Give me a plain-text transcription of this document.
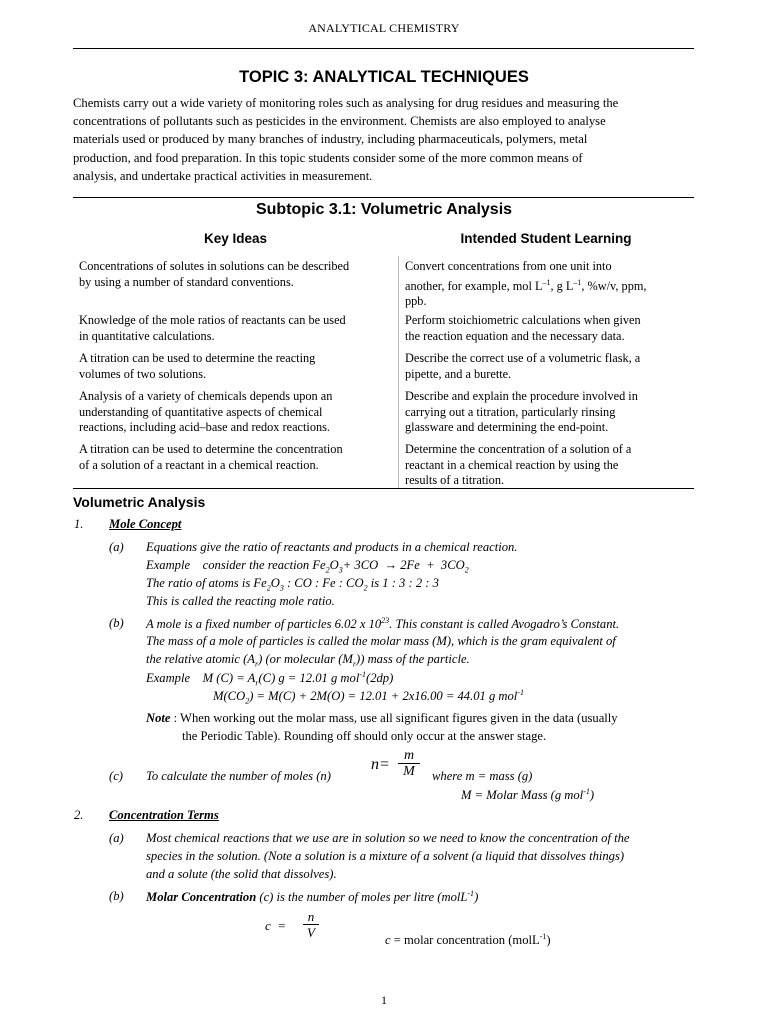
ANALYTICAL CHEMISTRY
TOPIC 3: ANALYTICAL TECHNIQUES
Chemists carry out a wide variety of monitoring roles such as analysing for drug residues and measuring the
concentrations of pollutants such as pesticides in the environment. Chemists are also employed to analyse
materials used or produced by many branches of industry, including pharmaceuticals, polymers, metal
production, and food preparation. In this topic students consider some of the more common means of
analysis, and undertake practical activities in measurement.
Subtopic 3.1: Volumetric Analysis
Key Ideas	Intended Student Learning
Concentrations of solutes in solutions can be described
by using a number of standard conventions.
Convert concentrations from one unit into
another, for example, mol $L^{-1}$, g $L^{-1}$, %w/v, ppm,
ppb.
Knowledge of the mole ratios of reactants can be used
in quantitative calculations.
Perform stoichiometric calculations when given
the reaction equation and the necessary data.
A titration can be used to determine the reacting
volumes of two solutions.
Describe the correct use of a volumetric flask, a
pipette, and a burette.
Analysis of a variety of chemicals depends upon an
understanding of quantitative aspects of chemical
reactions, including acid–base and redox reactions.
Describe and explain the procedure involved in
carrying out a titration, particularly rinsing
glassware and determining the end-point.
A titration can be used to determine the concentration
of a solution of a reactant in a chemical reaction.
Determine the concentration of a solution of a
reactant in a chemical reaction by using the
results of a titration.
Volumetric Analysis
1. Mole Concept
(a) Equations give the ratio of reactants and products in a chemical reaction.
Example consider the reaction $Fe_2O_3+ 3CO \to 2Fe + 3CO_2$
The ratio of atoms is $Fe_2O_3$ : CO : Fe : $CO_2$ is 1 : 3 : 2 : 3
This is called the reacting mole ratio.
(b) A mole is a fixed number of particles 6.02 x $10^{23}$. This constant is called Avogadro’s Constant.
The mass of a mole of particles is called the molar mass (M), which is the gram equivalent of
the relative atomic $(A_r)$ (or molecular $(M_r)$) mass of the particle.
Example M $(C) = A_r(C) g = 12.01$ g mol$^{-1}$(2dp)
$M(CO_2) = M(C) + 2M(O) = 12.01 + 2x16.00 = 44.01$ g mol$^{-1}$
Note : When working out the molar mass, use all significant figures given in the data (usually
the Periodic Table). Rounding off should only occur at the answer stage.
$n= \frac{m}{M}$
(c) To calculate the number of moles (n)	where m = mass (g)
M = Molar Mass (g mol$^{-1}$)
2. Concentration Terms
(a) Most chemical reactions that we use are in solution so we need to know the concentration of the
species in the solution. (Note a solution is a mixture of a solvent (a liquid that dissolves things)
and a solute (the solid that dissolves).
(b) Molar Concentration (c) is the number of moles per litre (molL$^{-1}$)
$c = \frac{n}{V}$
c = molar concentration (molL$^{-1}$)
1
